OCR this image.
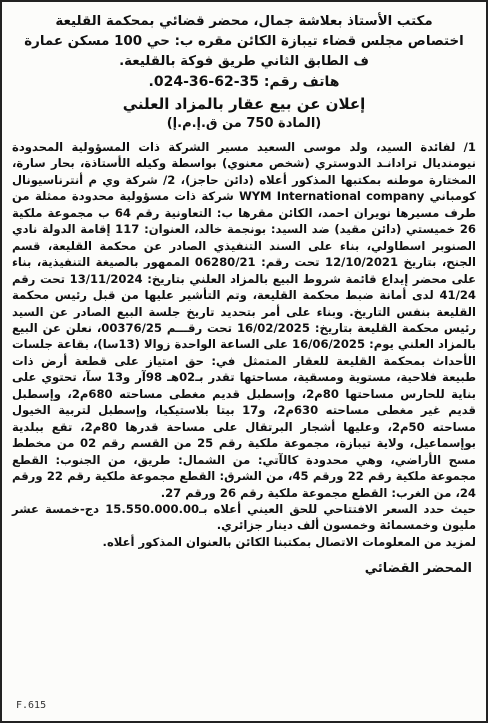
مكتب الأستاذ بعلاشة جمال، محضر قضائي بمحكمة القليعة
اختصاص مجلس قضاء تيبازة الكائن مقره ب: حي 100 مسكن عمارة
ف الطابق الثاني طريق فوكة بالقليعة.
هاتف رقم: 35-62-36-024.
إعلان عن بيع عقار بالمزاد العلني
(المادة 750 من ق.إ.م.إ)

1/ لفائدة السيد، ولد موسى السعيد مسير الشركة ذات المسؤولية المحدودة نيومنديال ترادانـد الدوستري (شخص معنوي) بواسطة وكيله الأستاذة، بحار سارة، المختارة موطنه بمكتبها المذكور أعلاه (دائن حاجز)، 2/ شركة وي م أنترناسيونال كومباني WYM International company شركة ذات مسؤولية محدودة ممثلة من طرف مسيرها نويران احمد، الكائن مقرها ب: التعاونية رقم 64 ب مجموعة ملكية 26 خميستي (دائن مقيد) ضد السيد: بونجمة خالد، العنوان: 117 إقامة الدولة نادي الصنوبر اسطاولي، بناء على السند التنفيذي الصادر عن محكمة القليعة، قسم الجنح، بتاريخ 12/10/2021 تحت رقم: 06280/21 الممهور بالصيغة التنفيذية، بناء على محضر إيداع قائمة شروط البيع بالمزاد العلني بتاريخ: 13/11/2024 تحت رقم 41/24 لدى أمانة ضبط محكمة القليعة، وتم التأشير عليها من قبل رئيس محكمة القليعة بنفس التاريخ. وبناء على أمر بتحديد تاريخ جلسة البيع الصادر عن السيد رئيس محكمة القليعة بتاريخ: 16/02/2025 تحت رقـــم 00376/25، نعلن عن البيع بالمزاد العلني يوم: 16/06/2025 على الساعة الواحدة زوالا (13سا)، بقاعة جلسات الأحداث بمحكمة القليعة للعقار المتمثل في: حق امتياز على قطعة أرض ذات طبيعة فلاحية، مستوية ومسقية، مساحتها تقدر بـ02هـ 98آر و13 سآ، تحتوي على بناية للحارس مساحتها 80م2، وإسطبل قديم مغطى مساحته 680م2، وإسطبل قديم غير مغطى مساحته 630م2، و17 بيتا بلاستيكيا، وإسطبل لتربية الخيول مساحته 50م2، وعليها أشجار البرتقال على مساحة قدرها 80م2، تقع ببلدية بوإسماعيل، ولاية تيبازة، مجموعة ملكية رقم 25 من القسم رقم 02 من مخطط مسح الأراضي، وهي محدودة كالآتي: من الشمال: طريق، من الجنوب: القطع مجموعة ملكية رقم 22 ورقم 45، من الشرق: القطع مجموعة ملكية رقم 22 ورقم 24، من الغرب: القطع مجموعة ملكية رقم 26 ورقم 27.

حيث حدد السعر الافتتاحي للحق العيني أعلاه بـ15.550.000.00 دج-خمسة عشر مليون وخمسمائة وخمسون ألف دينار جزائري.

لمزيد من المعلومات الاتصال بمكتبنا الكائن بالعنوان المذكور أعلاه.

المحضر القضائي
F.615
